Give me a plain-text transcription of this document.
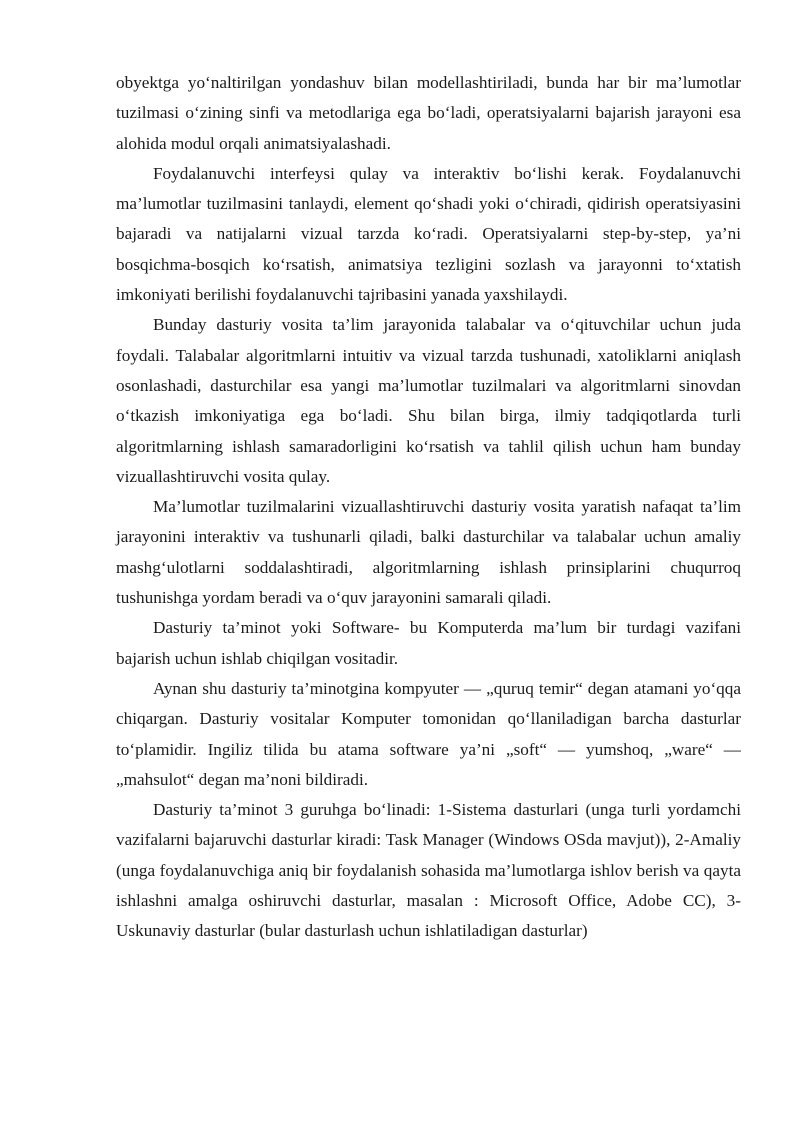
obyektga yo‘naltirilgan yondashuv bilan modellashtiriladi, bunda har bir ma’lumotlar tuzilmasi o‘zining sinfi va metodlariga ega bo‘ladi, operatsiyalarni bajarish jarayoni esa alohida modul orqali animatsiyalashadi.

Foydalanuvchi interfeysi qulay va interaktiv bo‘lishi kerak. Foydalanuvchi ma’lumotlar tuzilmasini tanlaydi, element qo‘shadi yoki o‘chiradi, qidirish operatsiyasini bajaradi va natijalarni vizual tarzda ko‘radi. Operatsiyalarni step-by-step, ya’ni bosqichma-bosqich ko‘rsatish, animatsiya tezligini sozlash va jarayonni to‘xtatish imkoniyati berilishi foydalanuvchi tajribasini yanada yaxshilaydi.

Bunday dasturiy vosita ta’lim jarayonida talabalar va o‘qituvchilar uchun juda foydali. Talabalar algoritmlarni intuitiv va vizual tarzda tushunadi, xatoliklarni aniqlash osonlashadi, dasturchilar esa yangi ma’lumotlar tuzilmalari va algoritmlarni sinovdan o‘tkazish imkoniyatiga ega bo‘ladi. Shu bilan birga, ilmiy tadqiqotlarda turli algoritmlarning ishlash samaradorligini ko‘rsatish va tahlil qilish uchun ham bunday vizuallashtiruvchi vosita qulay.

Ma’lumotlar tuzilmalarini vizuallashtiruvchi dasturiy vosita yaratish nafaqat ta’lim jarayonini interaktiv va tushunarli qiladi, balki dasturchilar va talabalar uchun amaliy mashg‘ulotlarni soddalashtiradi, algoritmlarning ishlash prinsiplarini chuqurroq tushunishga yordam beradi va o‘quv jarayonini samarali qiladi.

Dasturiy ta’minot yoki Software- bu Komputerda ma’lum bir turdagi vazifani bajarish uchun ishlab chiqilgan vositadir.

Aynan shu dasturiy ta’minotgina kompyuter — „quruq temir“ degan atamani yo‘qqa chiqargan. Dasturiy vositalar Komputer tomonidan qo‘llaniladigan barcha dasturlar to‘plamidir. Ingiliz tilida bu atama software ya’ni „soft“ — yumshoq, „ware“ — „mahsulot“ degan ma’noni bildiradi.

Dasturiy ta’minot 3 guruhga bo‘linadi: 1-Sistema dasturlari (unga turli yordamchi vazifalarni bajaruvchi dasturlar kiradi: Task Manager (Windows OSda mavjut)), 2-Amaliy (unga foydalanuvchiga aniq bir foydalanish sohasida ma’lumotlarga ishlov berish va qayta ishlashni amalga oshiruvchi dasturlar, masalan : Microsoft Office, Adobe CC), 3-Uskunaviy dasturlar (bular dasturlash uchun ishlatiladigan dasturlar)
